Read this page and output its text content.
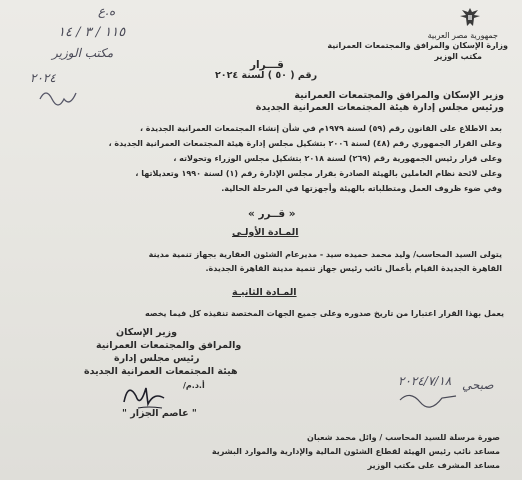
جمهورية مصر العربية
وزارة الإسكان والمرافق والمجتمعات العمرانية
مكتب الوزير
ه.ع
١١٥ / ٣ / ١٤
مكتب الوزير
٢٠٢٤
قـــرار
رقم ( ٥٠ ) لسنة ٢٠٢٤
وزير الإسكان والمرافق والمجتمعات العمرانية
ورئيس مجلس إدارة هيئة المجتمعات العمرانية الجديدة
بعد الاطلاع على القانون رقم (٥٩) لسنة ١٩٧٩م في شأن إنشاء المجتمعات العمرانية الجديدة ،
وعلى القرار الجمهوري رقم (٤٨) لسنة ٢٠٠٦ بتشكيل مجلس إدارة هيئة المجتمعات العمرانية الجديدة ،
وعلى قرار رئيس الجمهورية رقم (٢٦٩) لسنة ٢٠١٨ بتشكيل مجلس الوزراء وتحولاته ،
وعلى لائحة نظام العاملين بالهيئة الصادرة بقرار مجلس الإدارة رقم (١) لسنة ١٩٩٠ وتعديلاتها ،
وفي ضوء ظروف العمل ومتطلباته بالهيئة وأجهزتها في المرحلة الحالية.
« قــرر »
المـادة الأولـى
يتولى السيد المحاسب/ وليد محمد حميده سيد - مديرعام الشئون العقارية بجهاز تنمية مدينة
القاهرة الجديدة القيام بأعمال نائب رئيس جهاز تنمية مدينة القاهرة الجديدة.
المـادة الثانيـة
يعمل بهذا القرار اعتبارا من تاريخ صدوره وعلى جميع الجهات المختصة تنفيذه كل فيما يخصه
وزير الإسكان
والمرافق والمجتمعات العمرانية
رئيس مجلس إدارة
هيئة المجتمعات العمرانية الجديدة
أ.د.م/
" عاصم الجزار "
٢٠٢٤/٧/١٨ صبحي
صورة مرسلة للسيد المحاسب / وائل محمد شعبان
مساعد نائب رئيس الهيئة لقطاع الشئون المالية والإدارية والموارد البشرية
مساعد المشرف على مكتب الوزير
